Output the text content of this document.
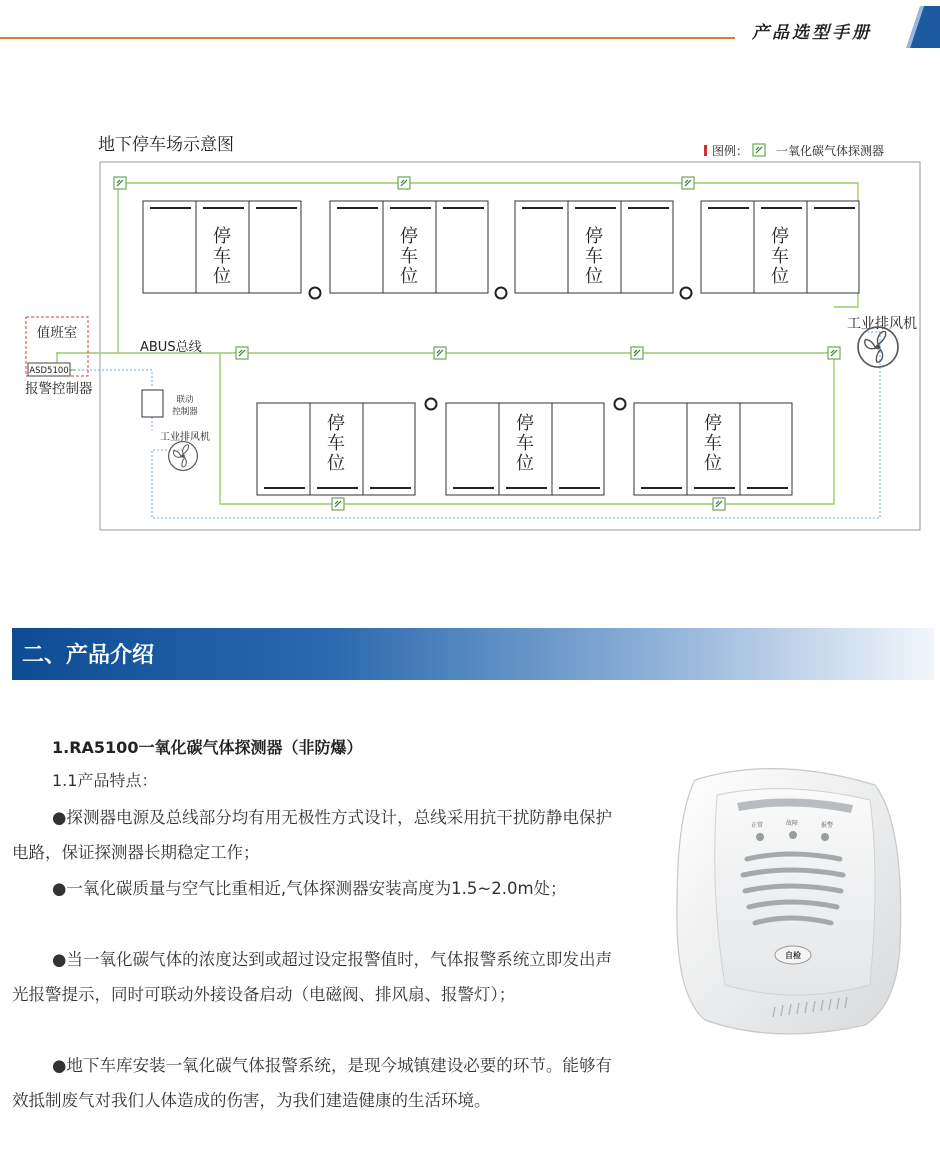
产品选型手册
地下停车场示意图	图例： 一氧化碳气体探测器
停
车
位
停
车
位
停
车
位
停
车
位
停
车
位
停
车
位
停
车
位
值班室
ASD5100
报警控制器
ABUS总线
联动
控制器
工业排风机
工业排风机
二、产品介绍
1.RA5100一氧化碳气体探测器（非防爆）
1.1产品特点：

●探测器电源及总线部分均有用无极性方式设计，总线采用抗干扰防静电保护电路，保证探测器长期稳定工作；

●一氧化碳质量与空气比重相近,气体探测器安装高度为1.5~2.0m处；

●当一氧化碳气体的浓度达到或超过设定报警值时，气体报警系统立即发出声光报警提示，同时可联动外接设备启动（电磁阀、排风扇、报警灯）；

●地下车库安装一氧化碳气体报警系统，是现今城镇建设必要的环节。能够有效抵制废气对我们人体造成的伤害，为我们建造健康的生活环境。

正常	故障	报警
自检
